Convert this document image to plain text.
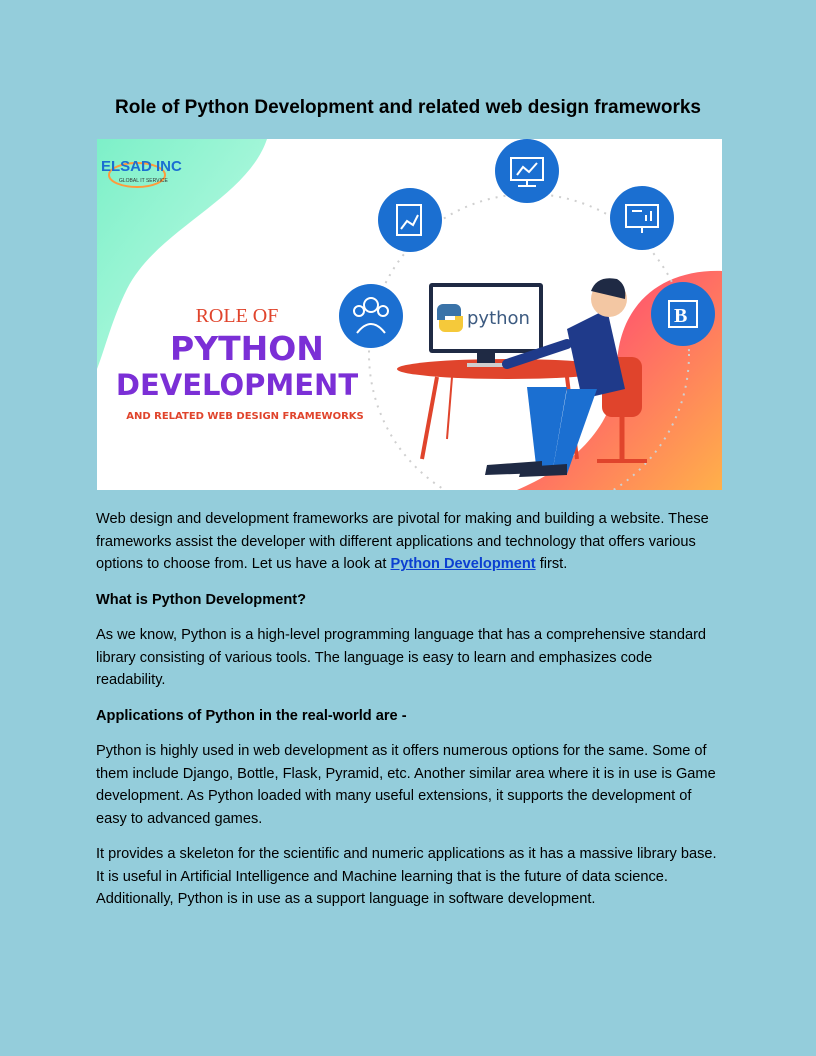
Role of Python Development and related web design frameworks
ELSAD INC
GLOBAL IT SERVICE
B
python
ROLE OF
PYTHON
DEVELOPMENT
AND RELATED WEB DESIGN FRAMEWORKS

Web design and development frameworks are pivotal for making and building a website. These frameworks assist the developer with different applications and technology that offers various options to choose from. Let us have a look at Python Development first.

What is Python Development?

As we know, Python is a high-level programming language that has a comprehensive standard library consisting of various tools. The language is easy to learn and emphasizes code readability.

Applications of Python in the real-world are -

Python is highly used in web development as it offers numerous options for the same. Some of them include Django, Bottle, Flask, Pyramid, etc. Another similar area where it is in use is Game development. As Python loaded with many useful extensions, it supports the development of easy to advanced games.

It provides a skeleton for the scientific and numeric applications as it has a massive library base. It is useful in Artificial Intelligence and Machine learning that is the future of data science. Additionally, Python is in use as a support language in software development.
